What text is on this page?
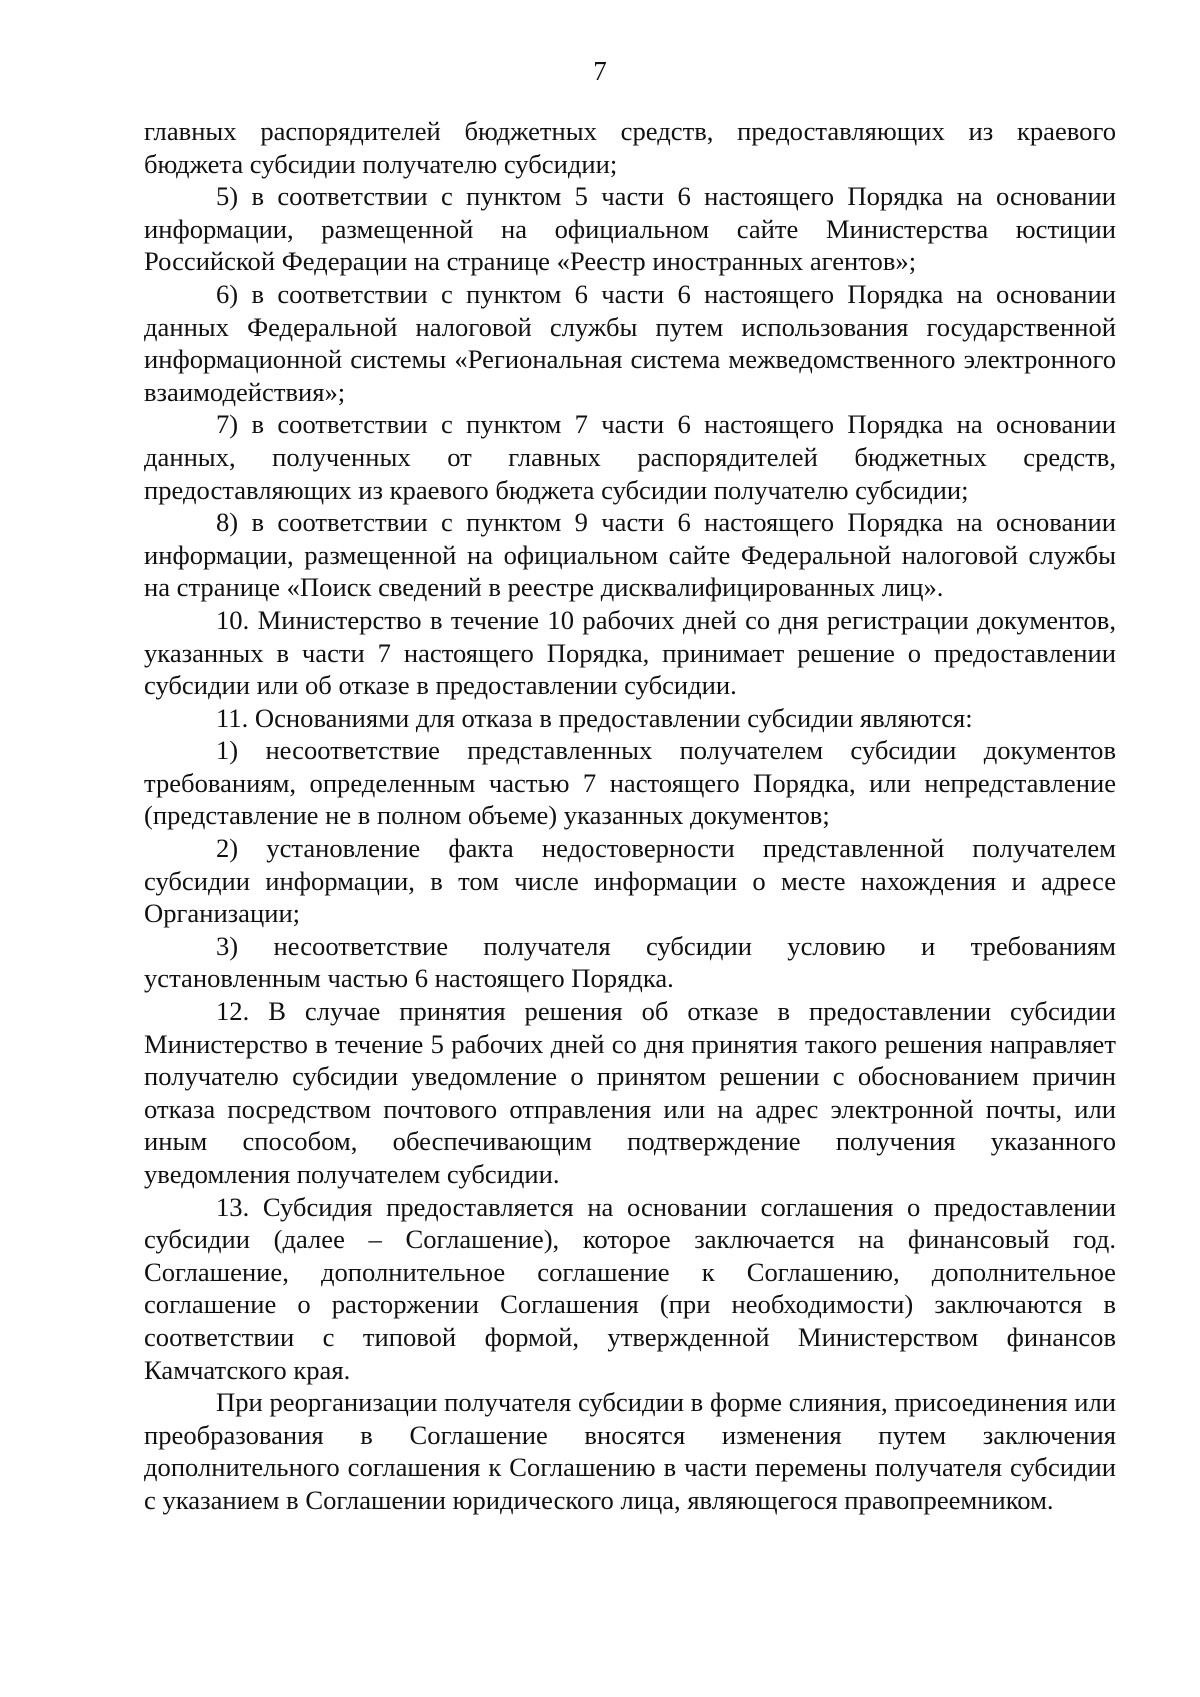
7

главных распорядителей бюджетных средств, предоставляющих из краевого бюджета субсидии получателю субсидии;

5) в соответствии с пунктом 5 части 6 настоящего Порядка на основании информации, размещенной на официальном сайте Министерства юстиции Российской Федерации на странице «Реестр иностранных агентов»;

6) в соответствии с пунктом 6 части 6 настоящего Порядка на основании данных Федеральной налоговой службы путем использования государственной информационной системы «Региональная система межведомственного электронного взаимодействия»;

7) в соответствии с пунктом 7 части 6 настоящего Порядка на основании данных, полученных от главных распорядителей бюджетных средств, предоставляющих из краевого бюджета субсидии получателю субсидии;

8) в соответствии с пунктом 9 части 6 настоящего Порядка на основании информации, размещенной на официальном сайте Федеральной налоговой службы на странице «Поиск сведений в реестре дисквалифицированных лиц».

10. Министерство в течение 10 рабочих дней со дня регистрации документов, указанных в части 7 настоящего Порядка, принимает решение о предоставлении субсидии или об отказе в предоставлении субсидии.

11. Основаниями для отказа в предоставлении субсидии являются:

1) несоответствие представленных получателем субсидии документов требованиям, определенным частью 7 настоящего Порядка, или непредставление (представление не в полном объеме) указанных документов;

2) установление факта недостоверности представленной получателем субсидии информации, в том числе информации о месте нахождения и адресе Организации;

3) несоответствие получателя субсидии условию и требованиям установленным частью 6 настоящего Порядка.

12. В случае принятия решения об отказе в предоставлении субсидии Министерство в течение 5 рабочих дней со дня принятия такого решения направляет получателю субсидии уведомление о принятом решении с обоснованием причин отказа посредством почтового отправления или на адрес электронной почты, или иным способом, обеспечивающим подтверждение получения указанного уведомления получателем субсидии.

13. Субсидия предоставляется на основании соглашения о предоставлении субсидии (далее – Соглашение), которое заключается на финансовый год. Соглашение, дополнительное соглашение к Соглашению, дополнительное соглашение о расторжении Соглашения (при необходимости) заключаются в соответствии с типовой формой, утвержденной Министерством финансов Камчатского края.

При реорганизации получателя субсидии в форме слияния, присоединения или преобразования в Соглашение вносятся изменения путем заключения дополнительного соглашения к Соглашению в части перемены получателя субсидии с указанием в Соглашении юридического лица, являющегося правопреемником.
